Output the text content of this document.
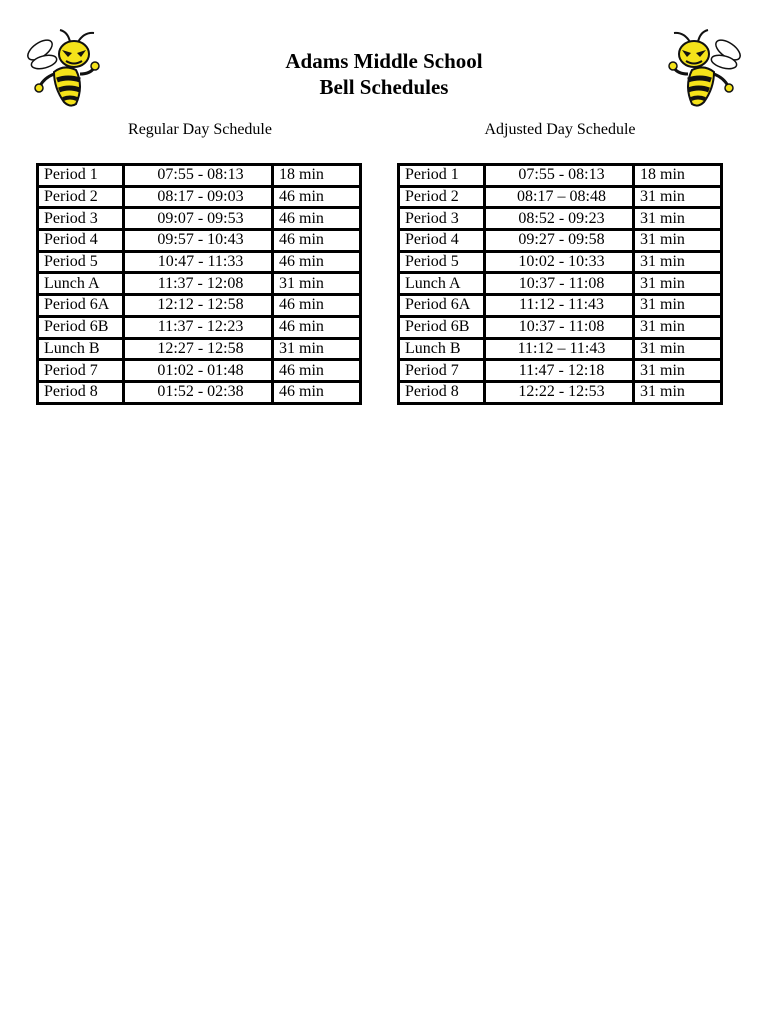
Adams Middle School
Bell Schedules
Regular Day Schedule	Adjusted Day Schedule
Period 1	07:55 - 08:13	18 min
Period 2	08:17 - 09:03	46 min
Period 3	09:07 - 09:53	46 min
Period 4	09:57 - 10:43	46 min
Period 5	10:47 - 11:33	46 min
Lunch A	11:37 - 12:08	31 min
Period 6A	12:12 - 12:58	46 min
Period 6B	11:37 - 12:23	46 min
Lunch B	12:27 - 12:58	31 min
Period 7	01:02 - 01:48	46 min
Period 8	01:52 - 02:38	46 min
Period 1	07:55 - 08:13	18 min
Period 2	08:17 – 08:48	31 min
Period 3	08:52 - 09:23	31 min
Period 4	09:27 - 09:58	31 min
Period 5	10:02 - 10:33	31 min
Lunch A	10:37 - 11:08	31 min
Period 6A	11:12 - 11:43	31 min
Period 6B	10:37 - 11:08	31 min
Lunch B	11:12 – 11:43	31 min
Period 7	11:47 - 12:18	31 min
Period 8	12:22 - 12:53	31 min
